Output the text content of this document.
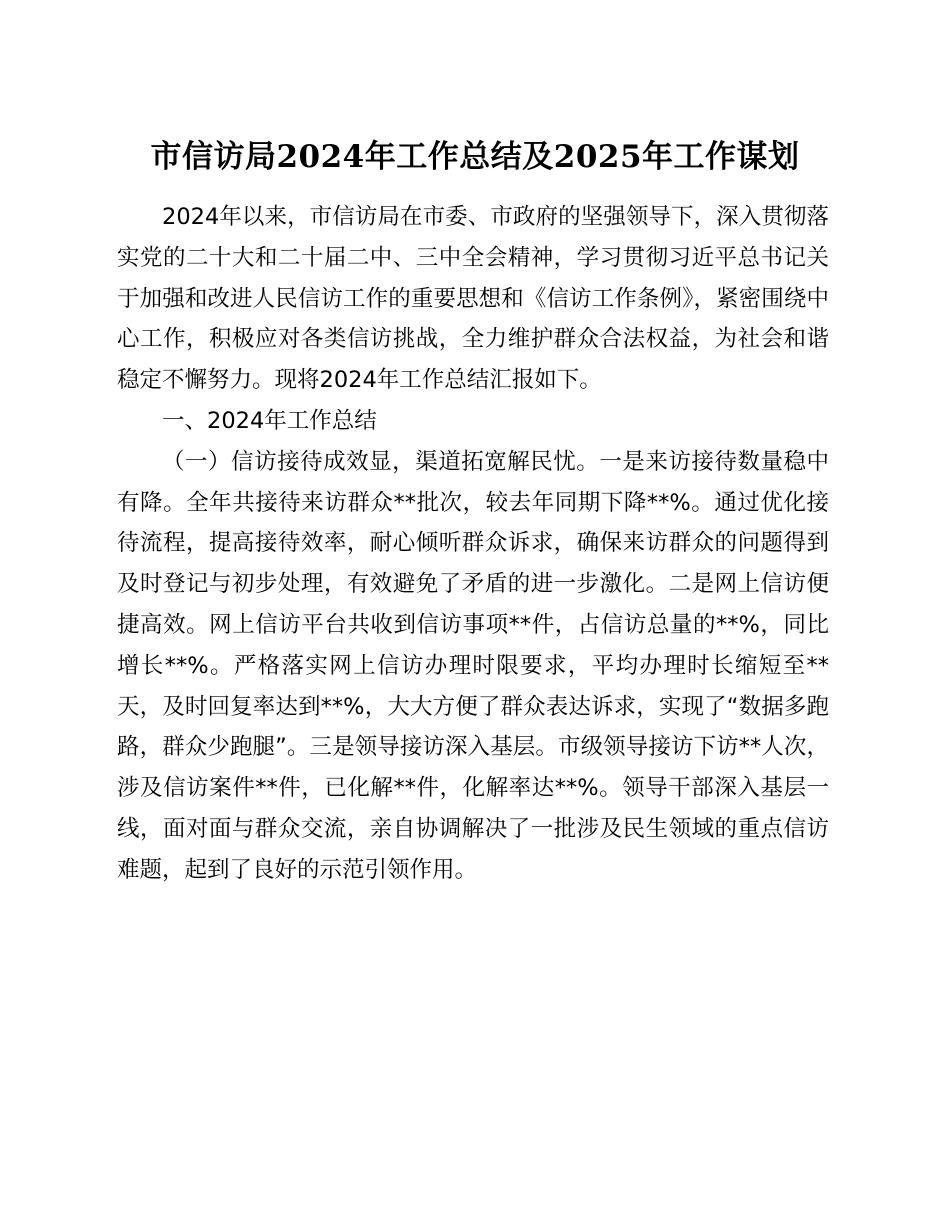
市信访局2024年工作总结及2025年工作谋划

2024年以来，市信访局在市委、市政府的坚强领导下，深入贯彻落实党的二十大和二十届二中、三中全会精神，学习贯彻习近平总书记关于加强和改进人民信访工作的重要思想和《信访工作条例》，紧密围绕中心工作，积极应对各类信访挑战，全力维护群众合法权益，为社会和谐稳定不懈努力。现将2024年工作总结汇报如下。

一、2024年工作总结

（一）信访接待成效显，渠道拓宽解民忧。一是来访接待数量稳中有降。全年共接待来访群众**批次，较去年同期下降**%。通过优化接待流程，提高接待效率，耐心倾听群众诉求，确保来访群众的问题得到及时登记与初步处理，有效避免了矛盾的进一步激化。二是网上信访便捷高效。网上信访平台共收到信访事项**件，占信访总量的**%，同比增长**%。严格落实网上信访办理时限要求，平均办理时长缩短至**天，及时回复率达到**%，大大方便了群众表达诉求，实现了“数据多跑路，群众少跑腿”。三是领导接访深入基层。市级领导接访下访**人次，涉及信访案件**件，已化解**件，化解率达**%。领导干部深入基层一线，面对面与群众交流，亲自协调解决了一批涉及民生领域的重点信访难题，起到了良好的示范引领作用。
